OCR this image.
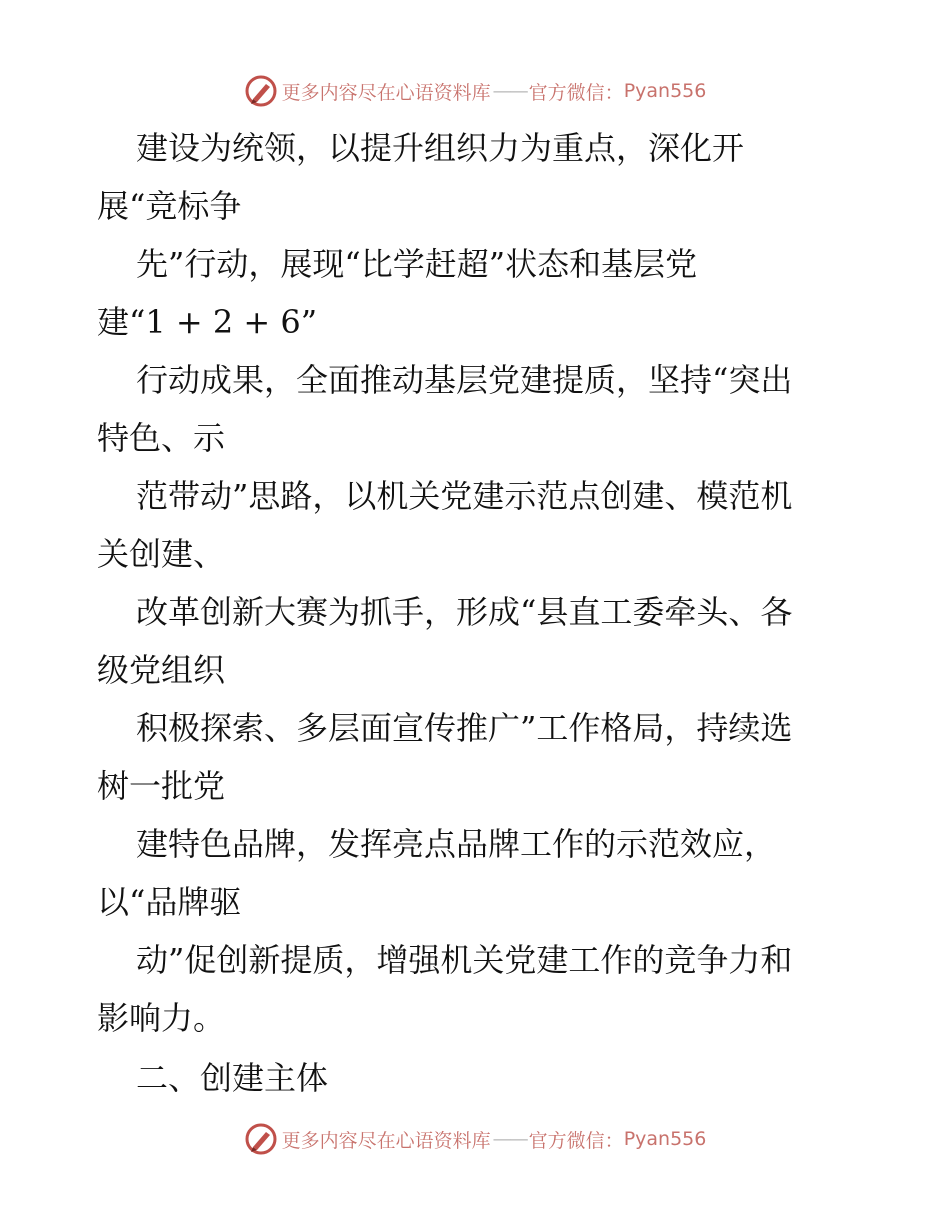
更多内容尽在心语资料库 —— 官方微信： Pyan556
建设为统领，以提升组织力为重点，深化开
展“竞标争
先”行动，展现“比学赶超”状态和基层党
建“1 + 2 + 6”
行动成果，全面推动基层党建提质，坚持“突出
特色、示
范带动”思路，以机关党建示范点创建、模范机
关创建、
改革创新大赛为抓手，形成“县直工委牵头、各
级党组织
积极探索、多层面宣传推广”工作格局，持续选
树一批党
建特色品牌，发挥亮点品牌工作的示范效应，
以“品牌驱
动”促创新提质，增强机关党建工作的竞争力和
影响力。
二、创建主体
更多内容尽在心语资料库 —— 官方微信： Pyan556
